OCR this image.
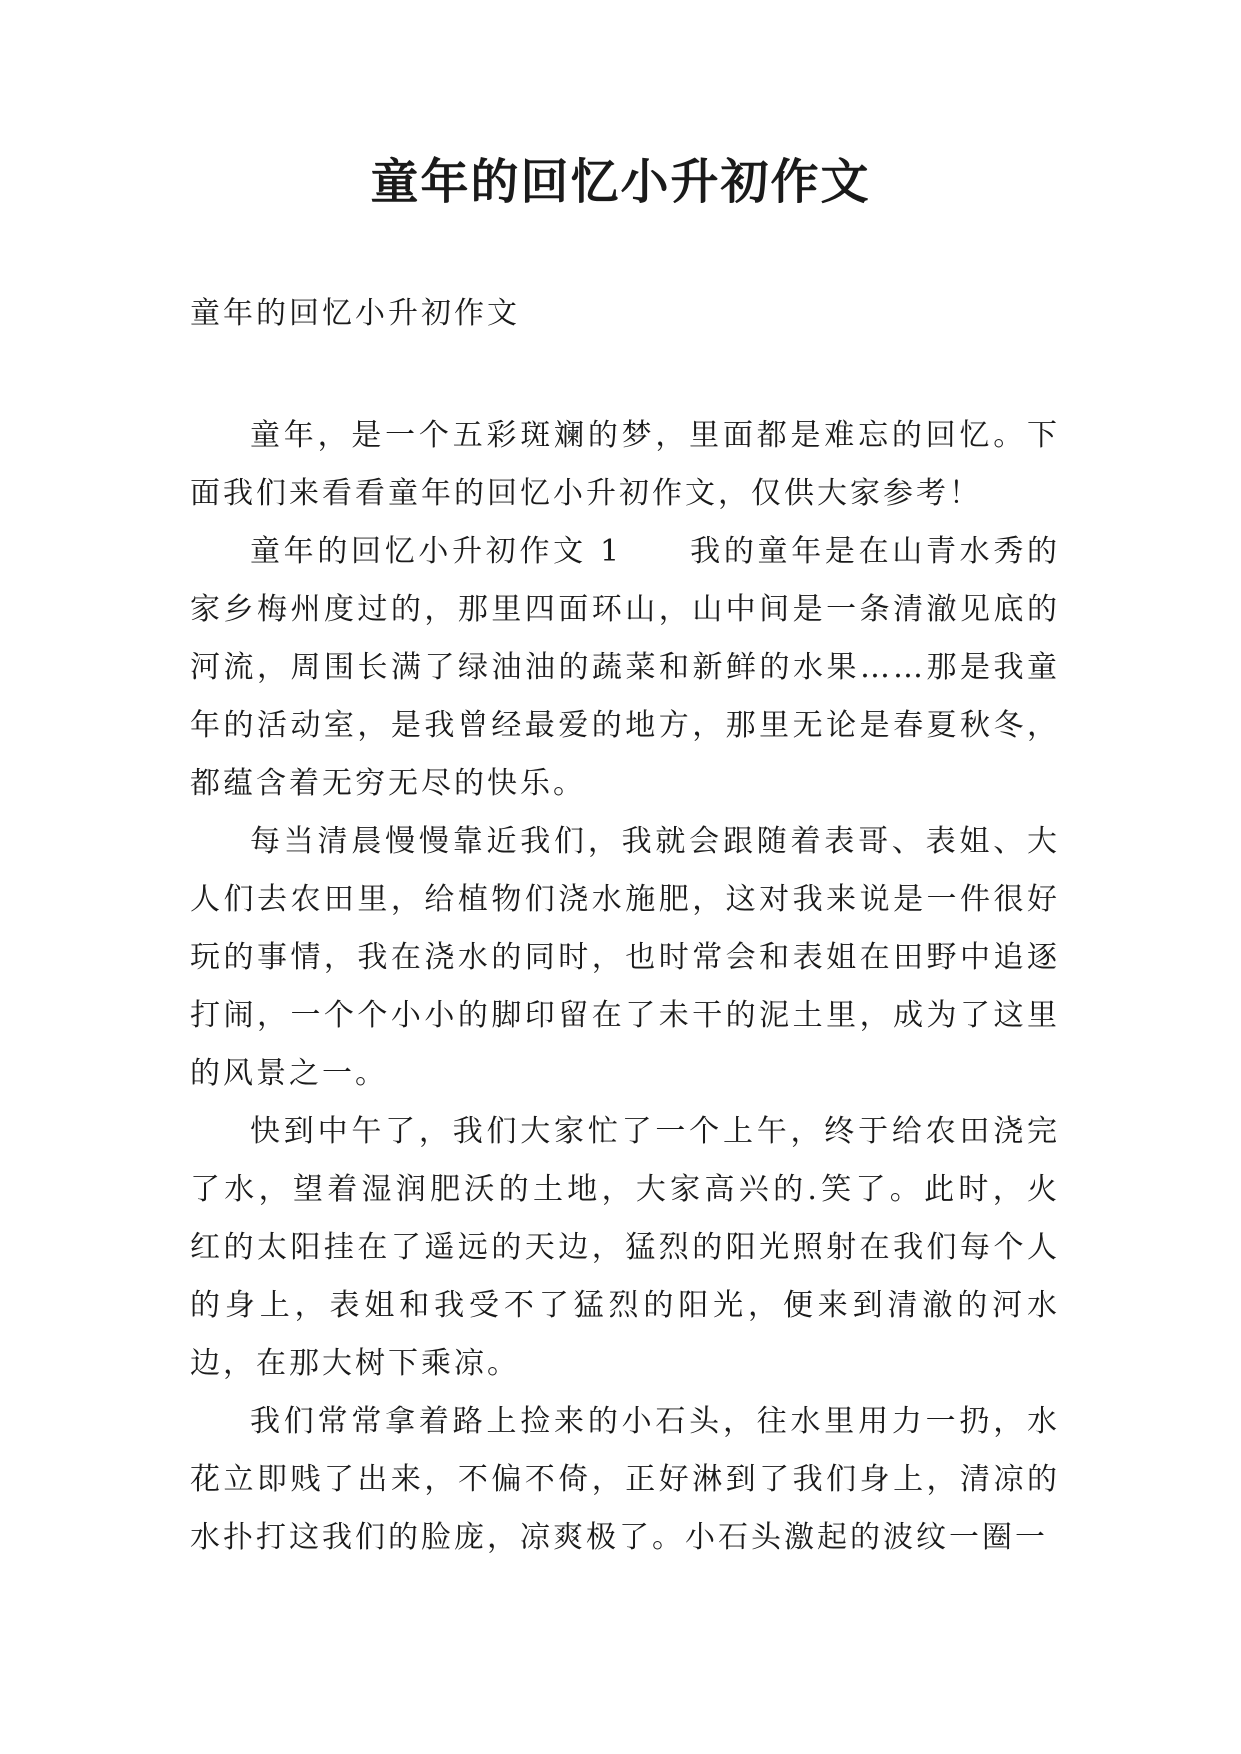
童年的回忆小升初作文
童年的回忆小升初作文

童年，是一个五彩斑斓的梦，里面都是难忘的回忆。下面我们来看看童年的回忆小升初作文，仅供大家参考！

童年的回忆小升初作文 1　　我的童年是在山青水秀的家乡梅州度过的，那里四面环山，山中间是一条清澈见底的河流，周围长满了绿油油的蔬菜和新鲜的水果……那是我童年的活动室，是我曾经最爱的地方，那里无论是春夏秋冬，都蕴含着无穷无尽的快乐。

每当清晨慢慢靠近我们，我就会跟随着表哥、表姐、大人们去农田里，给植物们浇水施肥，这对我来说是一件很好玩的事情，我在浇水的同时，也时常会和表姐在田野中追逐打闹，一个个小小的脚印留在了未干的泥土里，成为了这里的风景之一。

快到中午了，我们大家忙了一个上午，终于给农田浇完了水，望着湿润肥沃的土地，大家高兴的.笑了。此时，火红的太阳挂在了遥远的天边，猛烈的阳光照射在我们每个人的身上，表姐和我受不了猛烈的阳光，便来到清澈的河水边，在那大树下乘凉。

我们常常拿着路上捡来的小石头，往水里用力一扔，水花立即贱了出来，不偏不倚，正好淋到了我们身上，清凉的水扑打这我们的脸庞，凉爽极了。小石头激起的波纹一圈一
